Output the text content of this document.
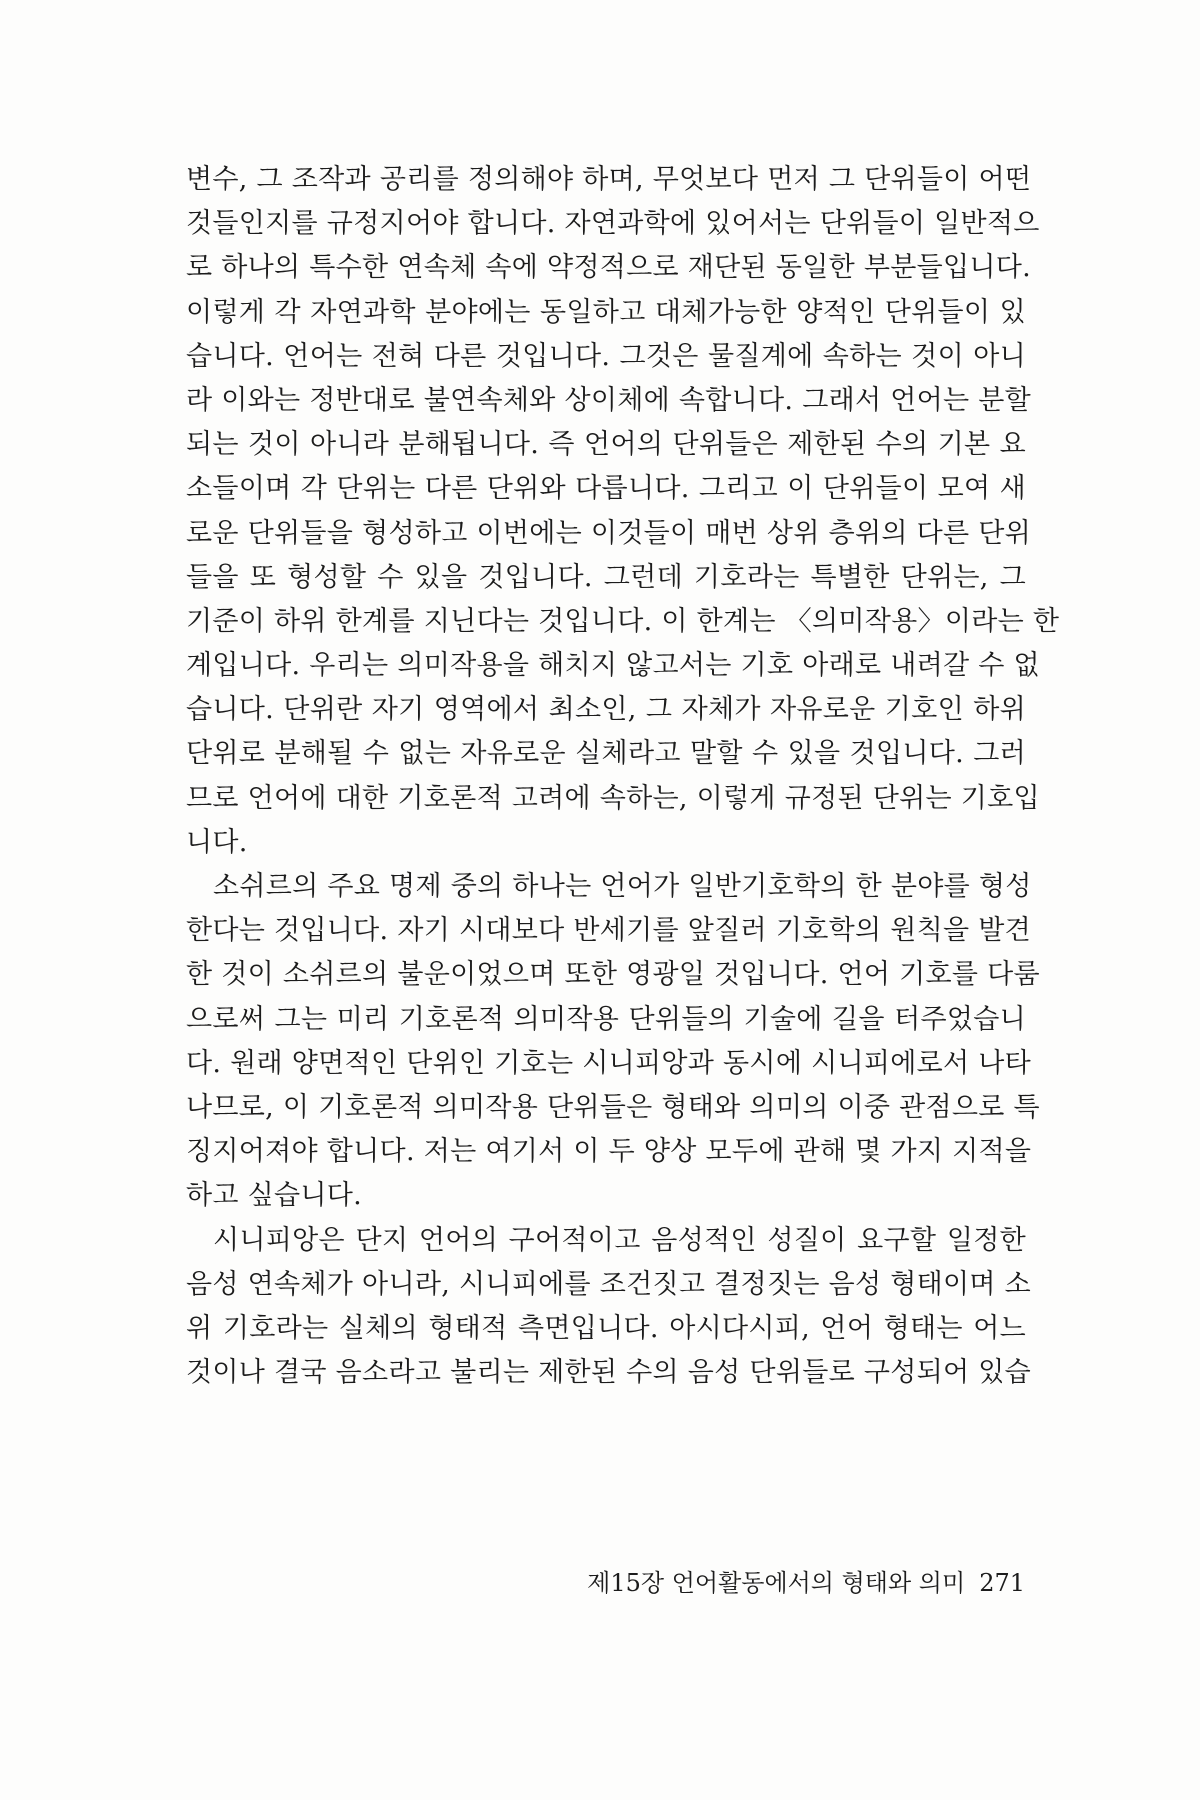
변수, 그 조작과 공리를 정의해야 하며, 무엇보다 먼저 그 단위들이 어떤
것들인지를 규정지어야 합니다. 자연과학에 있어서는 단위들이 일반적으
로 하나의 특수한 연속체 속에 약정적으로 재단된 동일한 부분들입니다.
이렇게 각 자연과학 분야에는 동일하고 대체가능한 양적인 단위들이 있
습니다. 언어는 전혀 다른 것입니다. 그것은 물질계에 속하는 것이 아니
라 이와는 정반대로 불연속체와 상이체에 속합니다. 그래서 언어는 분할
되는 것이 아니라 분해됩니다. 즉 언어의 단위들은 제한된 수의 기본 요
소들이며 각 단위는 다른 단위와 다릅니다. 그리고 이 단위들이 모여 새
로운 단위들을 형성하고 이번에는 이것들이 매번 상위 층위의 다른 단위
들을 또 형성할 수 있을 것입니다. 그런데 기호라는 특별한 단위는, 그
기준이 하위 한계를 지닌다는 것입니다. 이 한계는 〈의미작용〉이라는 한
계입니다. 우리는 의미작용을 해치지 않고서는 기호 아래로 내려갈 수 없
습니다. 단위란 자기 영역에서 최소인, 그 자체가 자유로운 기호인 하위
단위로 분해될 수 없는 자유로운 실체라고 말할 수 있을 것입니다. 그러
므로 언어에 대한 기호론적 고려에 속하는, 이렇게 규정된 단위는 기호입
니다.
소쉬르의 주요 명제 중의 하나는 언어가 일반기호학의 한 분야를 형성
한다는 것입니다. 자기 시대보다 반세기를 앞질러 기호학의 원칙을 발견
한 것이 소쉬르의 불운이었으며 또한 영광일 것입니다. 언어 기호를 다룸
으로써 그는 미리 기호론적 의미작용 단위들의 기술에 길을 터주었습니
다. 원래 양면적인 단위인 기호는 시니피앙과 동시에 시니피에로서 나타
나므로, 이 기호론적 의미작용 단위들은 형태와 의미의 이중 관점으로 특
징지어져야 합니다. 저는 여기서 이 두 양상 모두에 관해 몇 가지 지적을
하고 싶습니다.
시니피앙은 단지 언어의 구어적이고 음성적인 성질이 요구할 일정한
음성 연속체가 아니라, 시니피에를 조건짓고 결정짓는 음성 형태이며 소
위 기호라는 실체의 형태적 측면입니다. 아시다시피, 언어 형태는 어느
것이나 결국 음소라고 불리는 제한된 수의 음성 단위들로 구성되어 있습
제15장 언어활동에서의 형태와 의미 271
